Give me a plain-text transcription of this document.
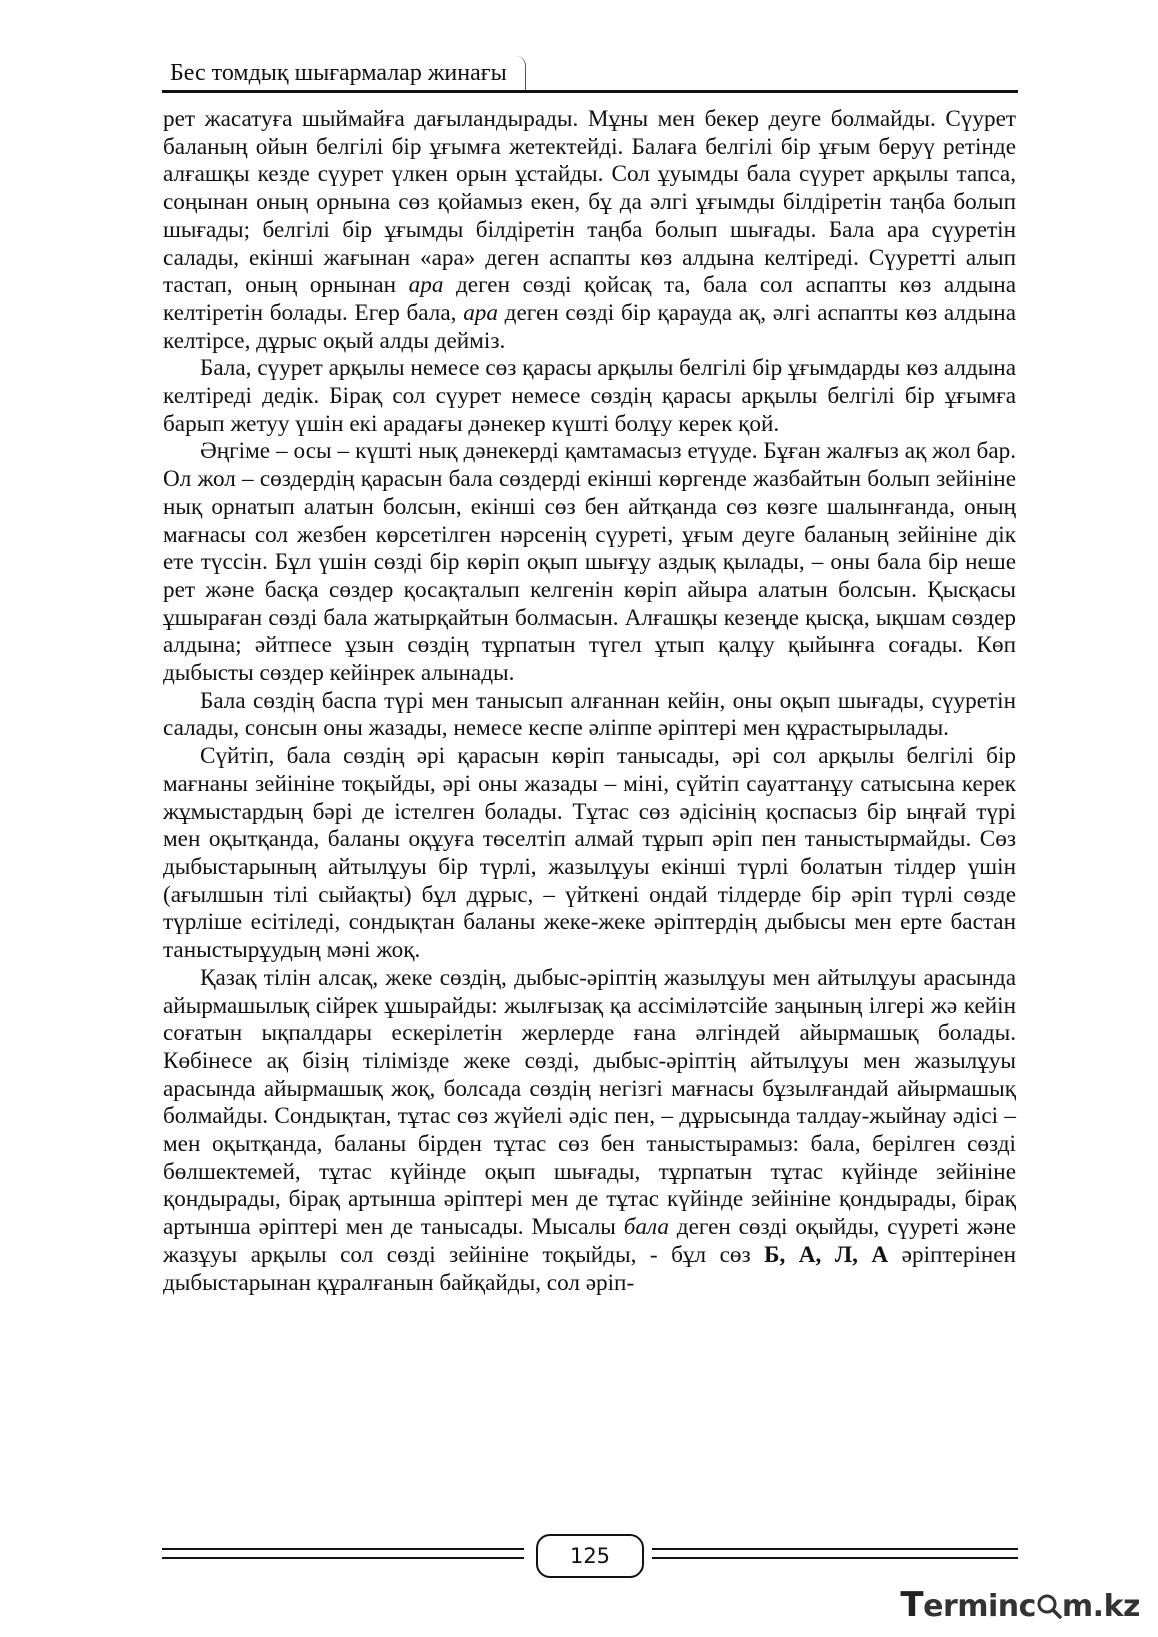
Бес томдық шығармалар жинағы

рет жасатуға шыймайға дағыландырады. Мұны мен бекер деуге болмайды. Сүурет баланың ойын белгілі бір ұғымға жетектейді. Балаға белгілі бір ұғым беруү ретінде алғашқы кезде сүурет үлкен орын ұстайды. Сол ұуымды бала сүурет арқылы тапса, соңынан оның орнына сөз қойамыз екен, бұ да әлгі ұғымды білдіретін таңба болып шығады; белгілі бір ұғымды білдіретін таңба болып шығады. Бала ара сүуретін салады, екінші жағынан «ара» деген аспапты көз алдына келтіреді. Сүуретті алып тастап, оның орнынан ара деген сөзді қойсақ та, бала сол аспапты көз алдына келтіретін болады. Егер бала, ара деген сөзді бір қарауда ақ, әлгі аспапты көз алдына келтірсе, дұрыс оқый алды дейміз.

Бала, сүурет арқылы немесе сөз қарасы арқылы белгілі бір ұғымдарды көз алдына келтіреді дедік. Бірақ сол сүурет немесе сөздің қарасы арқылы белгілі бір ұғымға барып жетуу үшін екі арадағы дәнекер күшті болұу керек қой.

Әңгіме – осы – күшті нық дәнекерді қамтамасыз етүуде. Бұған жалғыз ақ жол бар. Ол жол – сөздердің қарасын бала сөздерді екінші көргенде жазбайтын болып зейініне нық орнатып алатын болсын, екінші сөз бен айтқанда сөз көзге шалынғанда, оның мағнасы сол жезбен көрсетілген нәрсенің сүуреті, ұғым деуге баланың зейініне дік ете түссін. Бұл үшін сөзді бір көріп оқып шығұу аздық қылады, – оны бала бір неше рет және басқа сөздер қосақталып келгенін көріп айыра алатын болсын. Қысқасы ұшыраған сөзді бала жатырқайтын болмасын. Алғашқы кезеңде қысқа, ықшам сөздер алдына; әйтпесе ұзын сөздің тұрпатын түгел ұтып қалұу қыйынға соғады. Көп дыбысты сөздер кейінрек алынады.

Бала сөздің баспа түрі мен танысып алғаннан кейін, оны оқып шығады, сүуретін салады, сонсын оны жазады, немесе кеспе әліппе әріптері мен құрастырылады.

Сүйтіп, бала сөздің әрі қарасын көріп танысады, әрі сол арқылы белгілі бір мағнаны зейініне тоқыйды, әрі оны жазады – міні, сүйтіп сауаттанұу сатысына керек жұмыстардың бәрі де істелген болады. Тұтас сөз әдісінің қоспасыз бір ыңғай түрі мен оқытқанда, баланы оқұуға төселтіп алмай тұрып әріп пен таныстырмайды. Сөз дыбыстарының айтылұуы бір түрлі, жазылұуы екінші түрлі болатын тілдер үшін (ағылшын тілі сыйақты) бұл дұрыс, – үйткені ондай тілдерде бір әріп түрлі сөзде түрліше есітіледі, сондықтан баланы жеке-жеке әріптердің дыбысы мен ерте бастан таныстырұудың мәні жоқ.

Қазақ тілін алсақ, жеке сөздің, дыбыс-әріптің жазылұуы мен айтылұуы арасында айырмашылық сійрек ұшырайды: жылғызақ қа ассіміләтсійе заңының ілгері жә кейін соғатын ықпалдары ескерілетін жерлерде ғана әлгіндей айырмашық болады. Көбінесе ақ бізің тілімізде жеке сөзді, дыбыс-әріптің айтылұуы мен жазылұуы арасында айырмашық жоқ, болсада сөздің негізгі мағнасы бұзылғандай айырмашық болмайды. Сондықтан, тұтас сөз жүйелі әдіс пен, – дұрысында талдау-жыйнау әдісі – мен оқытқанда, баланы бірден тұтас сөз бен таныстырамыз: бала, берілген сөзді бөлшектемей, тұтас күйінде оқып шығады, тұрпатын тұтас күйінде зейініне қондырады, бірақ артынша әріптері мен де тұтас күйінде зейініне қондырады, бірақ артынша әріптері мен де танысады. Мысалы бала деген сөзді оқыйды, сүуреті және жазұуы арқылы сол сөзді зейініне тоқыйды, - бұл сөз Б, А, Л, А әріптерінен дыбыстарынан құралғанын байқайды, сол әріп-

125
Terminc m.kz
